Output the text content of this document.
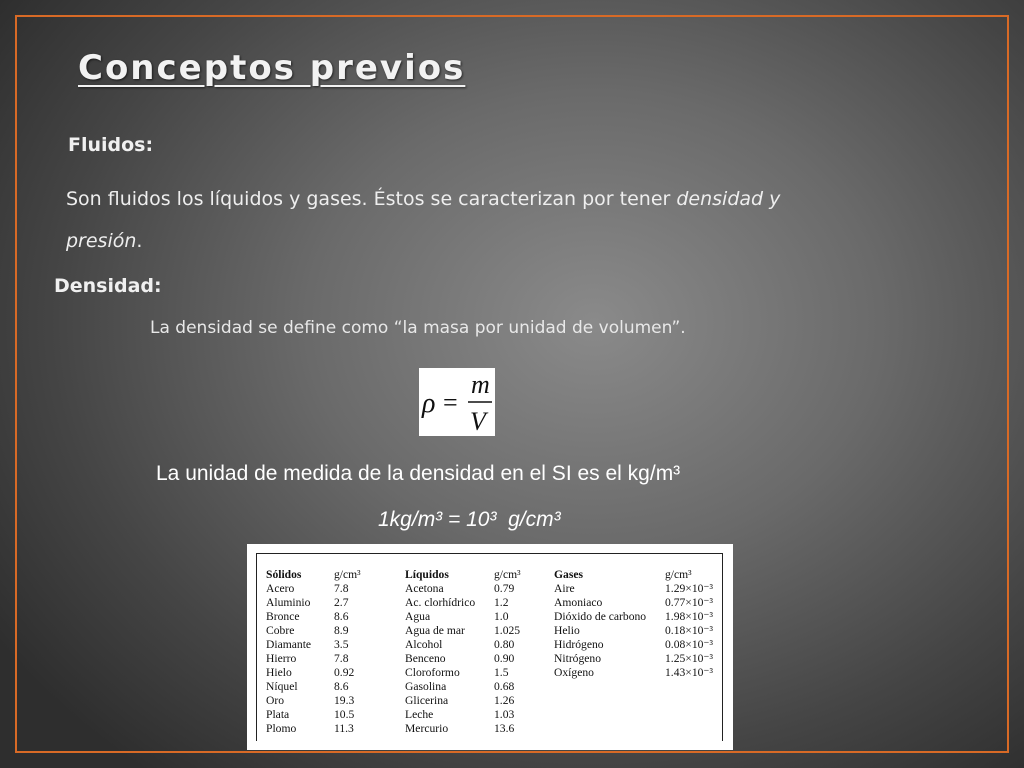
Conceptos previos
Fluidos:
Son fluidos los líquidos y gases. Éstos se caracterizan por tener densidad y
presión.
Densidad:
La densidad se define como “la masa por unidad de volumen”.
ρ =
m
V
La unidad de medida de la densidad en el SI es el kg/m³
1kg/m³ = 10³  g/cm³
Sólidos
Acero
Aluminio
Bronce
Cobre
Diamante
Hierro
Hielo
Níquel
Oro
Plata
Plomo
g/cm³
7.8
2.7
8.6
8.9
3.5
7.8
0.92
8.6
19.3
10.5
11.3
Líquidos
Acetona
Ac. clorhídrico
Agua
Agua de mar
Alcohol
Benceno
Cloroformo
Gasolina
Glicerina
Leche
Mercurio
g/cm³
0.79
1.2
1.0
1.025
0.80
0.90
1.5
0.68
1.26
1.03
13.6
Gases
Aire
Amoniaco
Dióxido de carbono
Helio
Hidrógeno
Nitrógeno
Oxígeno
g/cm³
1.29×10⁻³
0.77×10⁻³
1.98×10⁻³
0.18×10⁻³
0.08×10⁻³
1.25×10⁻³
1.43×10⁻³
